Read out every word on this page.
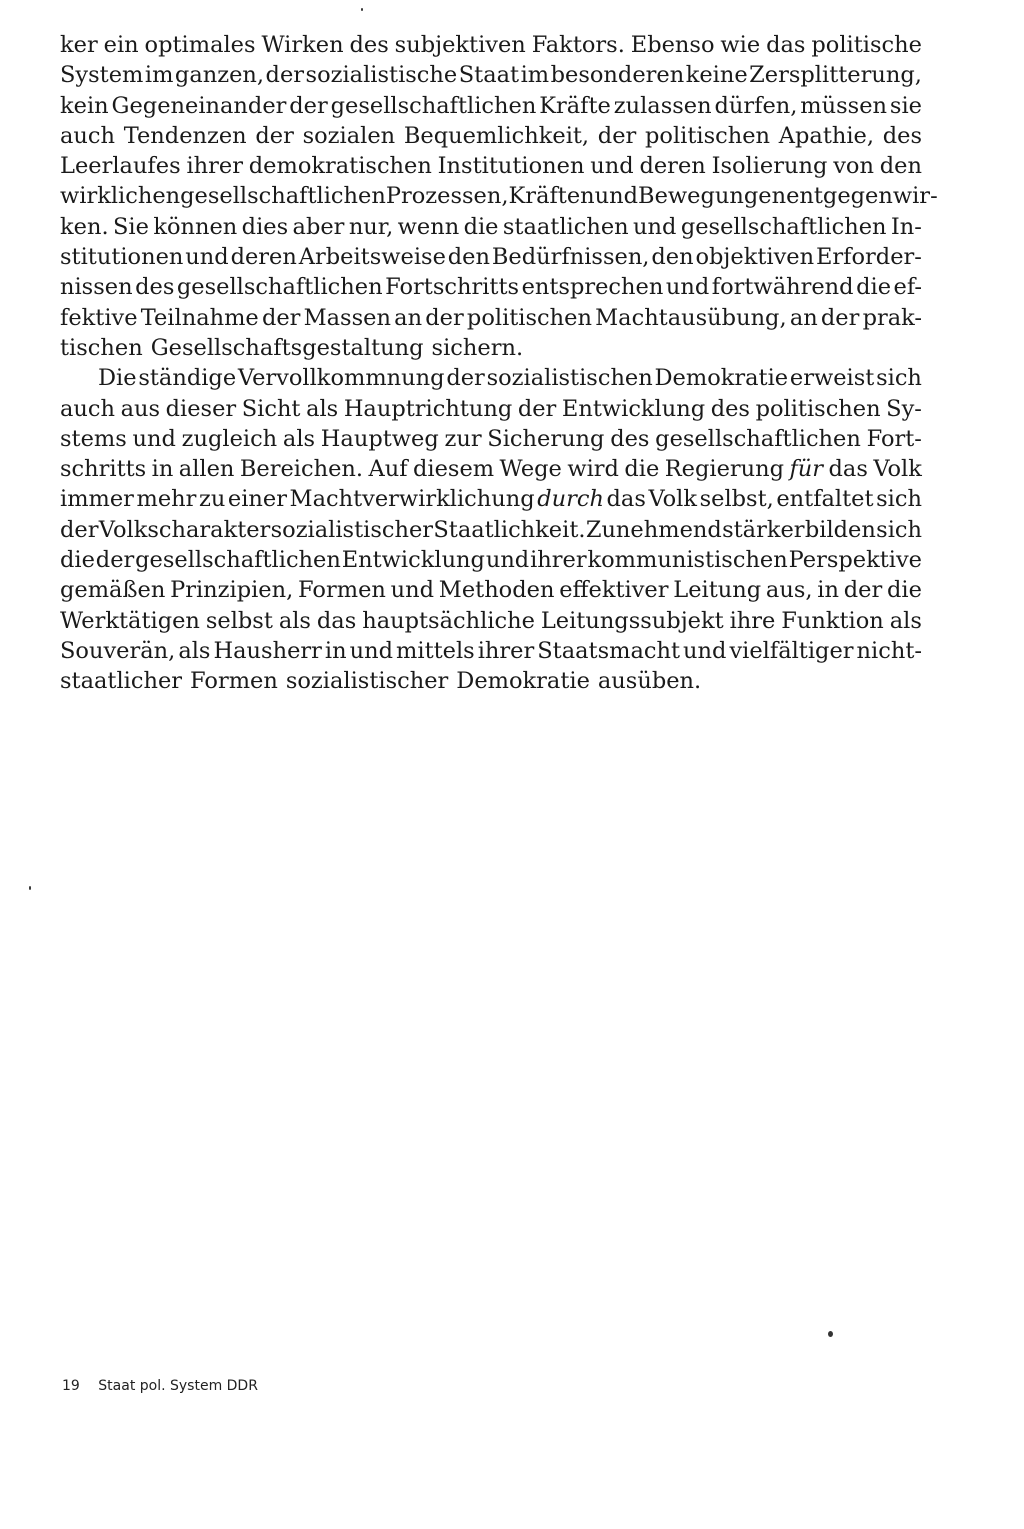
ker ein optimales Wirken des subjektiven Faktors. Ebenso wie das politische
System im ganzen, der sozialistische Staat im besonderen keine Zersplitterung,
kein Gegeneinander der gesellschaftlichen Kräfte zulassen dürfen, müssen sie
auch Tendenzen der sozialen Bequemlichkeit, der politischen Apathie, des
Leerlaufes ihrer demokratischen Institutionen und deren Isolierung von den
wirklichen gesellschaftlichen Prozessen, Kräften und Bewegungen entgegenwir-
ken. Sie können dies aber nur, wenn die staatlichen und gesellschaftlichen In-
stitutionen und deren Arbeitsweise den Bedürfnissen, den objektiven Erforder-
nissen des gesellschaftlichen Fortschritts entsprechen und fortwährend die ef-
fektive Teilnahme der Massen an der politischen Machtausübung, an der prak-
tischen Gesellschaftsgestaltung sichern.
Die ständige Vervollkommnung der sozialistischen Demokratie erweist sich
auch aus dieser Sicht als Hauptrichtung der Entwicklung des politischen Sy-
stems und zugleich als Hauptweg zur Sicherung des gesellschaftlichen Fort-
schritts in allen Bereichen. Auf diesem Wege wird die Regierung für das Volk
immer mehr zu einer Machtverwirklichung durch das Volk selbst, entfaltet sich
der Volkscharakter sozialistischer Staatlichkeit. Zunehmend stärker bilden sich
die der gesellschaftlichen Entwicklung und ihrer kommunistischen Perspektive
gemäßen Prinzipien, Formen und Methoden effektiver Leitung aus, in der die
Werktätigen selbst als das hauptsächliche Leitungssubjekt ihre Funktion als
Souverän, als Hausherr in und mittels ihrer Staatsmacht und vielfältiger nicht-
staatlicher Formen sozialistischer Demokratie ausüben.
19 Staat pol. System DDR
